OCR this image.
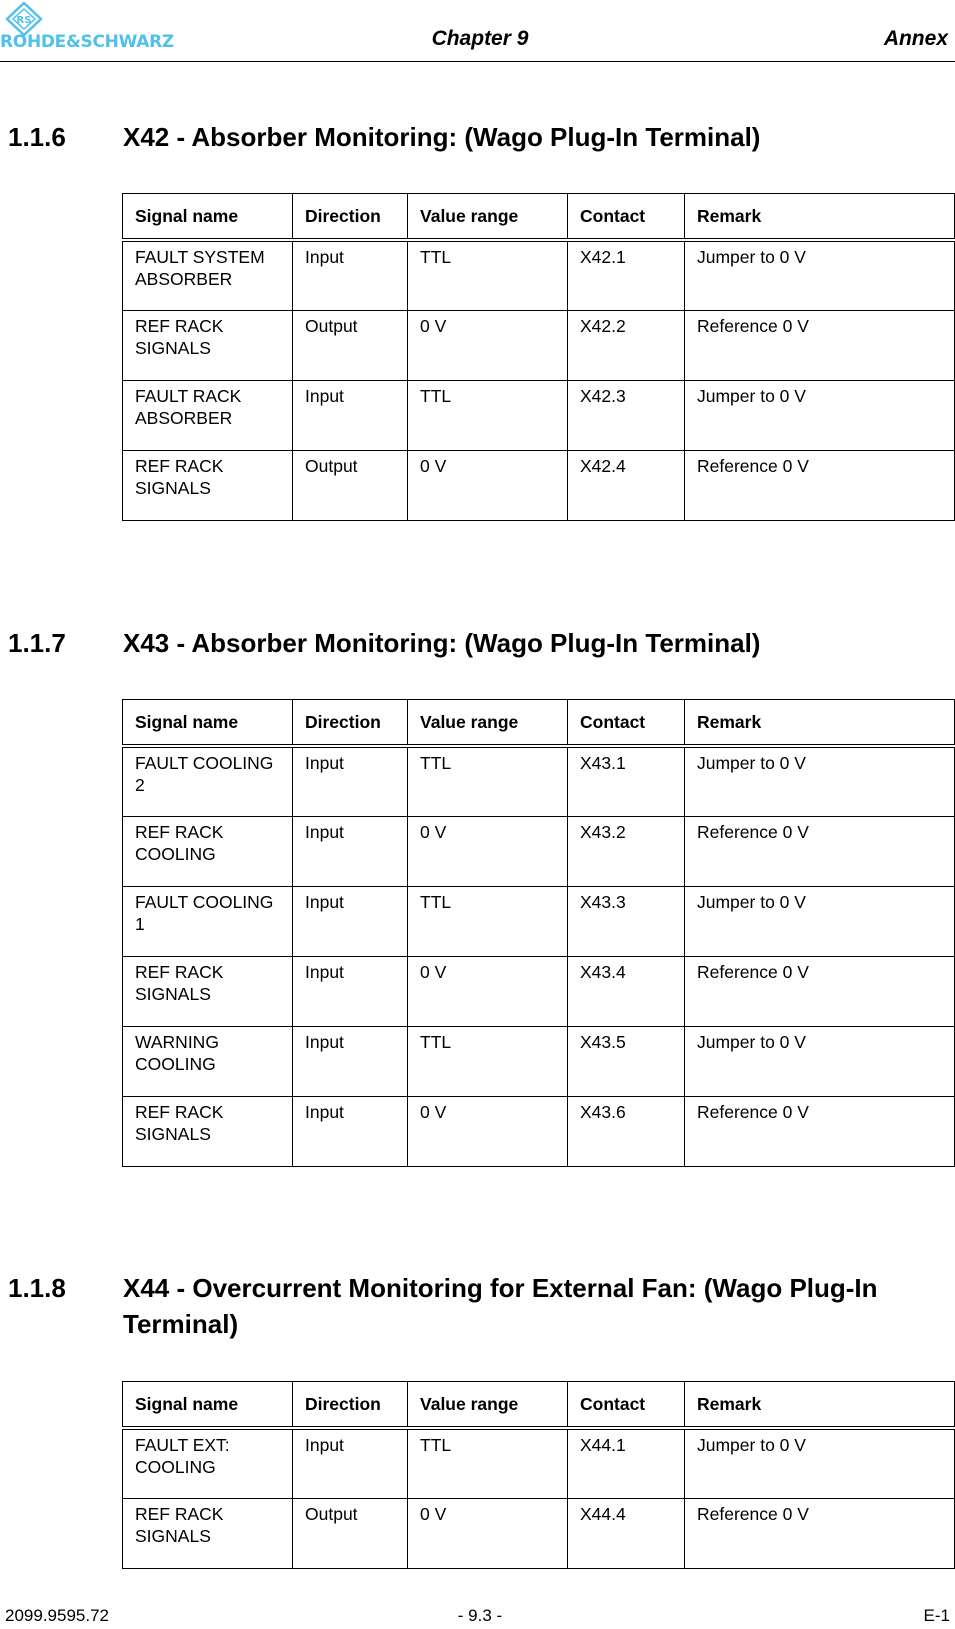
RS
ROHDE&SCHWARZ	Chapter 9	Annex
1.1.6 X42 - Absorber Monitoring: (Wago Plug-In Terminal)
Signal name	Direction	Value range	Contact	Remark
FAULT SYSTEM ABSORBER	Input	TTL	X42.1	Jumper to 0 V
REF RACK SIGNALS	Output	0 V	X42.2	Reference 0 V
FAULT RACK ABSORBER	Input	TTL	X42.3	Jumper to 0 V
REF RACK SIGNALS	Output	0 V	X42.4	Reference 0 V
1.1.7 X43 - Absorber Monitoring: (Wago Plug-In Terminal)
Signal name	Direction	Value range	Contact	Remark
FAULT COOLING 2	Input	TTL	X43.1	Jumper to 0 V
REF RACK COOLING	Input	0 V	X43.2	Reference 0 V
FAULT COOLING 1	Input	TTL	X43.3	Jumper to 0 V
REF RACK SIGNALS	Input	0 V	X43.4	Reference 0 V
WARNING COOLING	Input	TTL	X43.5	Jumper to 0 V
REF RACK SIGNALS	Input	0 V	X43.6	Reference 0 V
1.1.8 X44 - Overcurrent Monitoring for External Fan: (Wago Plug-In Terminal)
Signal name	Direction	Value range	Contact	Remark
FAULT EXT: COOLING	Input	TTL	X44.1	Jumper to 0 V
REF RACK SIGNALS	Output	0 V	X44.4	Reference 0 V
2099.9595.72	- 9.3 -	E-1
